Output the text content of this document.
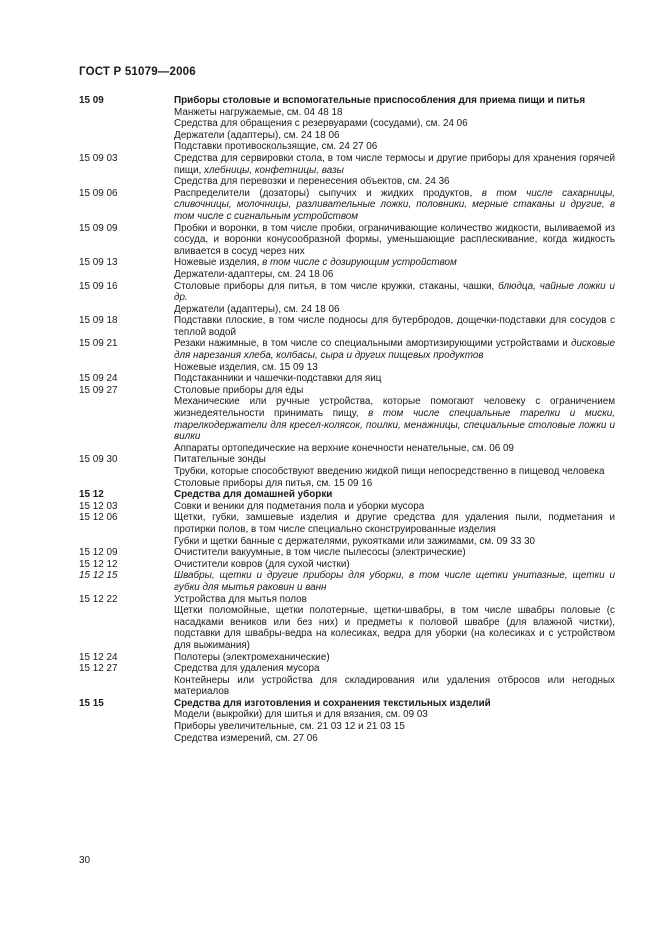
ГОСТ Р 51079—2006
15 09	Приборы столовые и вспомогательные приспособления для приема пищи и питья
Манжеты нагружаемые, см. 04 48 18
Средства для обращения с резервуарами (сосудами), см. 24 06
Держатели (адаптеры), см. 24 18 06
Подставки противоскользящие, см. 24 27 06
15 09 03	Средства для сервировки стола, в том числе термосы и другие приборы для хранения горячей пищи, хлебницы, конфетницы, вазы
Средства для перевозки и перенесения объектов, см. 24 36
15 09 06	Распределители (дозаторы) сыпучих и жидких продуктов, в том числе сахарницы, сливочницы, молочницы, разливательные ложки, половники, мерные стаканы и другие, в том числе с сигнальным устройством
15 09 09	Пробки и воронки, в том числе пробки, ограничивающие количество жидкости, выливаемой из сосуда, и воронки конусообразной формы, уменьшающие расплескивание, когда жидкость вливается в сосуд через них
15 09 13	Ножевые изделия, в том числе с дозирующим устройством
Держатели-адаптеры, см. 24 18 06
15 09 16	Столовые приборы для питья, в том числе кружки, стаканы, чашки, блюдца, чайные ложки и др.
Держатели (адаптеры), см. 24 18 06
15 09 18	Подставки плоские, в том числе подносы для бутербродов, дощечки-подставки для сосудов с теплой водой
15 09 21	Резаки нажимные, в том числе со специальными амортизирующими устройствами и дисковые для нарезания хлеба, колбасы, сыра и других пищевых продуктов
Ножевые изделия, см. 15 09 13
15 09 24	Подстаканники и чашечки-подставки для яиц
15 09 27	Столовые приборы для еды
Механические или ручные устройства, которые помогают человеку с ограничением жизнедеятельности принимать пищу, в том числе специальные тарелки и миски, тарелкодержатели для кресел-колясок, поилки, менажницы, специальные столовые ложки и вилки
Аппараты ортопедические на верхние конечности ненательные, см. 06 09
15 09 30	Питательные зонды
Трубки, которые способствуют введению жидкой пищи непосредственно в пищевод человека
Столовые приборы для питья, см. 15 09 16
15 12	Средства для домашней уборки
15 12 03	Совки и веники для подметания пола и уборки мусора
15 12 06	Щетки, губки, замшевые изделия и другие средства для удаления пыли, подметания и протирки полов, в том числе специально сконструированные изделия
Губки и щетки банные с держателями, рукоятками или зажимами, см. 09 33 30
15 12 09	Очистители вакуумные, в том числе пылесосы (электрические)
15 12 12	Очистители ковров (для сухой чистки)
15 12 15	Швабры, щетки и другие приборы для уборки, в том числе щетки унитазные, щетки и губки для мытья раковин и ванн
15 12 22	Устройства для мытья полов
Щетки поломойные, щетки полотерные, щетки-швабры, в том числе швабры половые (с насадками веников или без них) и предметы к половой швабре (для влажной чистки), подставки для швабры-ведра на колесиках, ведра для уборки (на колесиках и с устройством для выжимания)
15 12 24	Полотеры (электромеханические)
15 12 27	Средства для удаления мусора
Контейнеры или устройства для складирования или удаления отбросов или негодных материалов
15 15	Средства для изготовления и сохранения текстильных изделий
Модели (выкройки) для шитья и для вязания, см. 09 03
Приборы увеличительные, см. 21 03 12 и 21 03 15
Средства измерений, см. 27 06
30
